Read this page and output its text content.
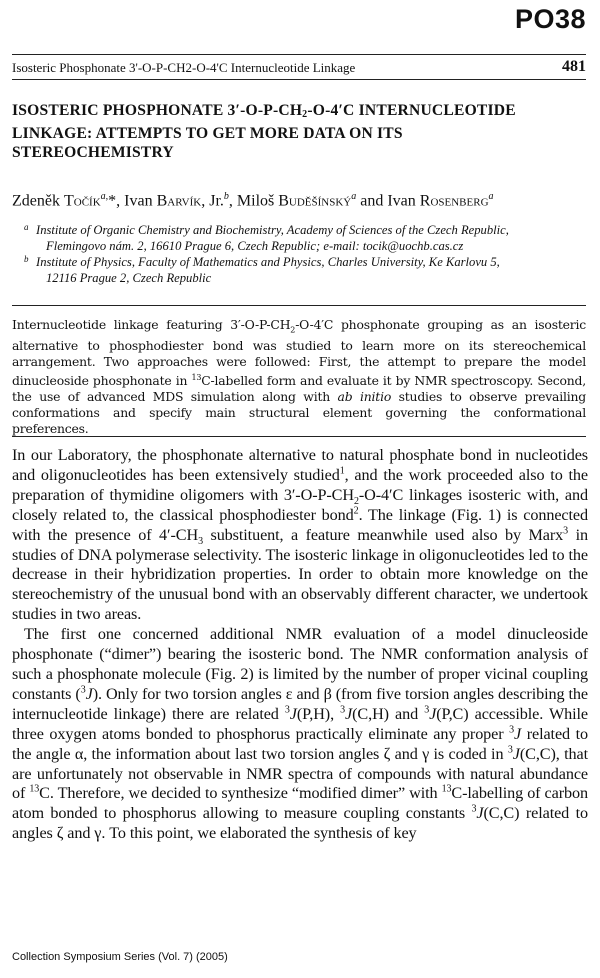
PO38
Isosteric Phosphonate 3'-O-P-CH2-O-4'C Internucleotide Linkage	481
ISOSTERIC PHOSPHONATE $3'-O-P-CH_2-O-4'C$ INTERNUCLEOTIDE
LINKAGE: ATTEMPTS TO GET MORE DATA ON ITS
STEREOCHEMISTRY
Zdeněk Točík$^{a,}$*, Ivan Barvík, Jr.$^b$, Miloš Buděšínský$^a$ and Ivan Rosenberg$^a$
a Institute of Organic Chemistry and Biochemistry, Academy of Sciences of the Czech Republic,
Flemingovo nám. 2, 16610 Prague 6, Czech Republic; e-mail: tocik@uochb.cas.cz
b Institute of Physics, Faculty of Mathematics and Physics, Charles University, Ke Karlovu 5,
12116 Prague 2, Czech Republic
Internucleotide linkage featuring $3'-O-P-CH_2-O-4'C$ phosphonate grouping as an isosteric alternative to phosphodiester bond was studied to learn more on its stereochemical arrangement. Two approaches were followed: First, the attempt to prepare the model dinucleoside phosphonate in $^{13}$C-labelled form and evaluate it by NMR spectroscopy. Second, the use of advanced MDS simulation along with ab initio studies to observe prevailing conformations and specify main structural element governing the conformational preferences.

In our Laboratory, the phosphonate alternative to natural phosphate bond in nucleotides and oligonucleotides has been extensively studied$^1$, and the work proceeded also to the preparation of thymidine oligomers with $3'-O-P-CH_2-O-4'C$ linkages isosteric with, and closely related to, the classical phosphodiester bond$^2$. The linkage (Fig. 1) is connected with the presence of $4'-CH_3$ substituent, a feature meanwhile used also by Marx$^3$ in studies of DNA polymerase selectivity. The isosteric linkage in oligonucleotides led to the decrease in their hybridization properties. In order to obtain more knowledge on the stereochemistry of the unusual bond with an observably different character, we undertook studies in two areas.

The first one concerned additional NMR evaluation of a model dinucleoside phosphonate (“dimer”) bearing the isosteric bond. The NMR conformation analysis of such a phosphonate molecule (Fig. 2) is limited by the number of proper vicinal coupling constants ($^3$J). Only for two torsion angles ε and β (from five torsion angles describing the internucleotide linkage) there are related $^3$J(P,H), $^3$J(C,H) and $^3$J(P,C) accessible. While three oxygen atoms bonded to phosphorus practically eliminate any proper $^3$J related to the angle α, the information about last two torsion angles ζ and γ is coded in $^3$J(C,C), that are unfortunately not observable in NMR spectra of compounds with natural abundance of $^{13}$C. Therefore, we decided to synthesize “modified dimer” with $^{13}$C-labelling of carbon atom bonded to phosphorus allowing to measure coupling constants $^3$J(C,C) related to angles ζ and γ. To this point, we elaborated the synthesis of key

Collection Symposium Series (Vol. 7) (2005)
